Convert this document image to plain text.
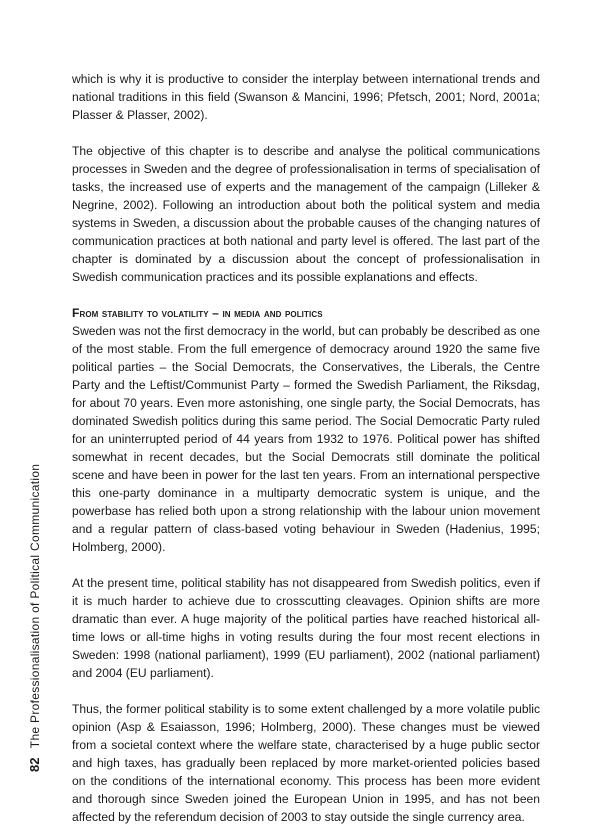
which is why it is productive to consider the interplay between international trends and national traditions in this field (Swanson & Mancini, 1996; Pfetsch, 2001; Nord, 2001a; Plasser & Plasser, 2002).

The objective of this chapter is to describe and analyse the political communications processes in Sweden and the degree of professionalisation in terms of specialisation of tasks, the increased use of experts and the management of the campaign (Lilleker & Negrine, 2002). Following an introduction about both the political system and media systems in Sweden, a discussion about the probable causes of the changing natures of communication practices at both national and party level is offered. The last part of the chapter is dominated by a discussion about the concept of professionalisation in Swedish communication practices and its possible explanations and effects.

From stability to volatility – in media and politics

Sweden was not the first democracy in the world, but can probably be described as one of the most stable. From the full emergence of democracy around 1920 the same five political parties – the Social Democrats, the Conservatives, the Liberals, the Centre Party and the Leftist/Communist Party – formed the Swedish Parliament, the Riksdag, for about 70 years. Even more astonishing, one single party, the Social Democrats, has dominated Swedish politics during this same period. The Social Democratic Party ruled for an uninterrupted period of 44 years from 1932 to 1976. Political power has shifted somewhat in recent decades, but the Social Democrats still dominate the political scene and have been in power for the last ten years. From an international perspective this one-party dominance in a multiparty democratic system is unique, and the powerbase has relied both upon a strong relationship with the labour union movement and a regular pattern of class-based voting behaviour in Sweden (Hadenius, 1995; Holmberg, 2000).

At the present time, political stability has not disappeared from Swedish politics, even if it is much harder to achieve due to crosscutting cleavages. Opinion shifts are more dramatic than ever. A huge majority of the political parties have reached historical all-time lows or all-time highs in voting results during the four most recent elections in Sweden: 1998 (national parliament), 1999 (EU parliament), 2002 (national parliament) and 2004 (EU parliament).

Thus, the former political stability is to some extent challenged by a more volatile public opinion (Asp & Esaiasson, 1996; Holmberg, 2000). These changes must be viewed from a societal context where the welfare state, characterised by a huge public sector and high taxes, has gradually been replaced by more market-oriented policies based on the conditions of the international economy. This process has been more evident and thorough since Sweden joined the European Union in 1995, and has not been affected by the referendum decision of 2003 to stay outside the single currency area.

82 The Professionalisation of Political Communication
